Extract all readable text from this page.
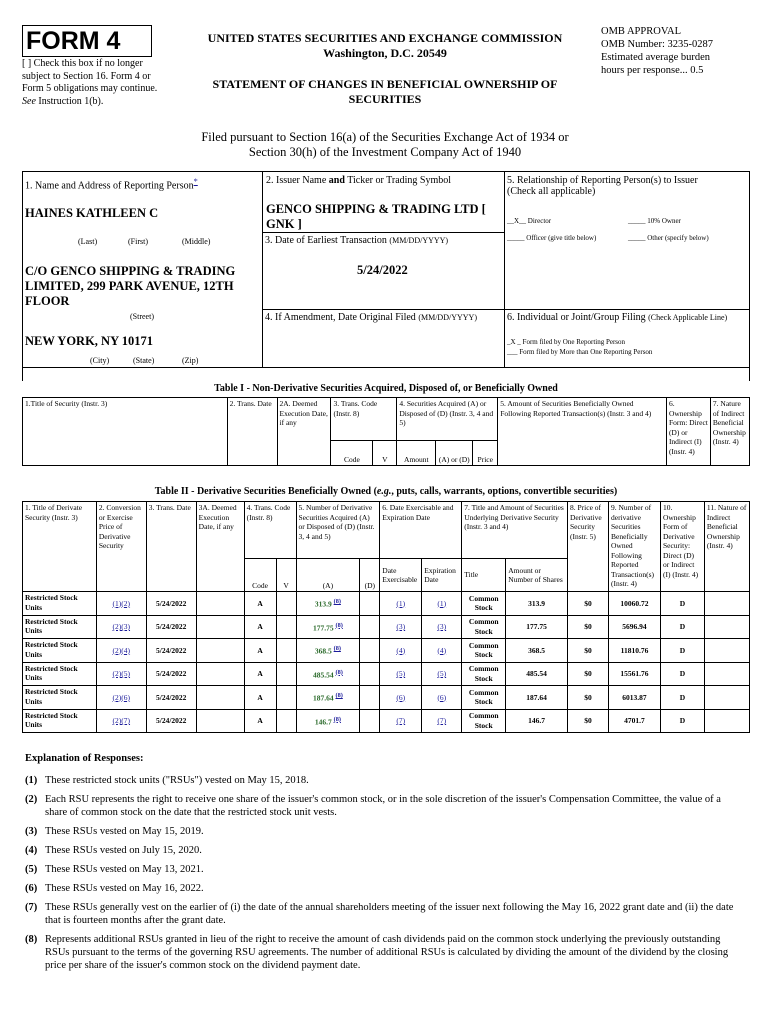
FORM 4
[ ] Check this box if no longer subject to Section 16. Form 4 or Form 5 obligations may continue. See Instruction 1(b).
UNITED STATES SECURITIES AND EXCHANGE COMMISSION
Washington, D.C. 20549
STATEMENT OF CHANGES IN BENEFICIAL OWNERSHIP OF SECURITIES
OMB APPROVAL
OMB Number: 3235-0287
Estimated average burden
hours per response... 0.5
Filed pursuant to Section 16(a) of the Securities Exchange Act of 1934 or
Section 30(h) of the Investment Company Act of 1940
1. Name and Address of Reporting Person*
HAINES KATHLEEN C
(Last)	(First)	(Middle)
C/O GENCO SHIPPING & TRADING
LIMITED, 299 PARK AVENUE, 12TH
FLOOR
(Street)
NEW YORK, NY 10171
(City)	(State)	(Zip)
2. Issuer Name and Ticker or Trading Symbol
GENCO SHIPPING & TRADING LTD [
GNK ]
3. Date of Earliest Transaction (MM/DD/YYYY)
5/24/2022
4. If Amendment, Date Original Filed (MM/DD/YYYY)
5. Relationship of Reporting Person(s) to Issuer
(Check all applicable)
__X__ Director	_____ 10% Owner
_____ Officer (give title below)	_____ Other (specify below)
6. Individual or Joint/Group Filing (Check Applicable Line)
_X _ Form filed by One Reporting Person
___ Form filed by More than One Reporting Person
Table I - Non-Derivative Securities Acquired, Disposed of, or Beneficially Owned
1.Title of Security (Instr. 3)	2. Trans. Date	2A. Deemed Execution Date, if any	3. Trans. Code (Instr. 8)		4. Securities Acquired (A) or Disposed of (D) (Instr. 3, 4 and 5)			5. Amount of Securities Beneficially Owned Following Reported Transaction(s) (Instr. 3 and 4)	6. Ownership Form: Direct (D) or Indirect (I) (Instr. 4)	7. Nature of Indirect Beneficial Ownership (Instr. 4)
			Code	V	Amount	(A) or (D)	Price			
Table II - Derivative Securities Beneficially Owned (e.g., puts, calls, warrants, options, convertible securities)
1. Title of Derivate Security (Instr. 3)	2. Conversion or Exercise Price of Derivative Security	3. Trans. Date	3A. Deemed Execution Date, if any	4. Trans. Code (Instr. 8)		5. Number of Derivative Securities Acquired (A) or Disposed of (D) (Instr. 3, 4 and 5)		6. Date Exercisable and Expiration Date		7. Title and Amount of Securities Underlying Derivative Security (Instr. 3 and 4)		8. Price of Derivative Security (Instr. 5)	9. Number of derivative Securities Beneficially Owned Following Reported Transaction(s) (Instr. 4)	10. Ownership Form of Derivative Security: Direct (D) or Indirect (I) (Instr. 4)	11. Nature of Indirect Beneficial Ownership (Instr. 4)
				Code	V	(A)	(D)	Date Exercisable	Expiration Date	Title	Amount or Number of Shares				
Restricted Stock Units	(1)(2)	5/24/2022		A		313.9 $^{(8)}$		(1)	(1)	Common Stock	313.9	$0	10060.72	D	
Restricted Stock Units	(2)(3)	5/24/2022		A		177.75 $^{(8)}$		(3)	(3)	Common Stock	177.75	$0	5696.94	D	
Restricted Stock Units	(2)(4)	5/24/2022		A		368.5 $^{(8)}$		(4)	(4)	Common Stock	368.5	$0	11810.76	D	
Restricted Stock Units	(2)(5)	5/24/2022		A		485.54 $^{(8)}$		(5)	(5)	Common Stock	485.54	$0	15561.76	D	
Restricted Stock Units	(2)(6)	5/24/2022		A		187.64 $^{(8)}$		(6)	(6)	Common Stock	187.64	$0	6013.87	D	
Restricted Stock Units	(2)(7)	5/24/2022		A		146.7 $^{(8)}$		(7)	(7)	Common Stock	146.7	$0	4701.7	D	
Explanation of Responses:
(1) These restricted stock units ("RSUs") vested on May 15, 2018.
(2) Each RSU represents the right to receive one share of the issuer's common stock, or in the sole discretion of the issuer's Compensation Committee, the value of a share of common stock on the date that the restricted stock unit vests.
(3) These RSUs vested on May 15, 2019.
(4) These RSUs vested on July 15, 2020.
(5) These RSUs vested on May 13, 2021.
(6) These RSUs vested on May 16, 2022.
(7) These RSUs generally vest on the earlier of (i) the date of the annual shareholders meeting of the issuer next following the May 16, 2022 grant date and (ii) the date that is fourteen months after the grant date.
(8) Represents additional RSUs granted in lieu of the right to receive the amount of cash dividends paid on the common stock underlying the previously outstanding RSUs pursuant to the terms of the governing RSU agreements. The number of additional RSUs is calculated by dividing the amount of the dividend by the closing price per share of the issuer's common stock on the dividend payment date.
